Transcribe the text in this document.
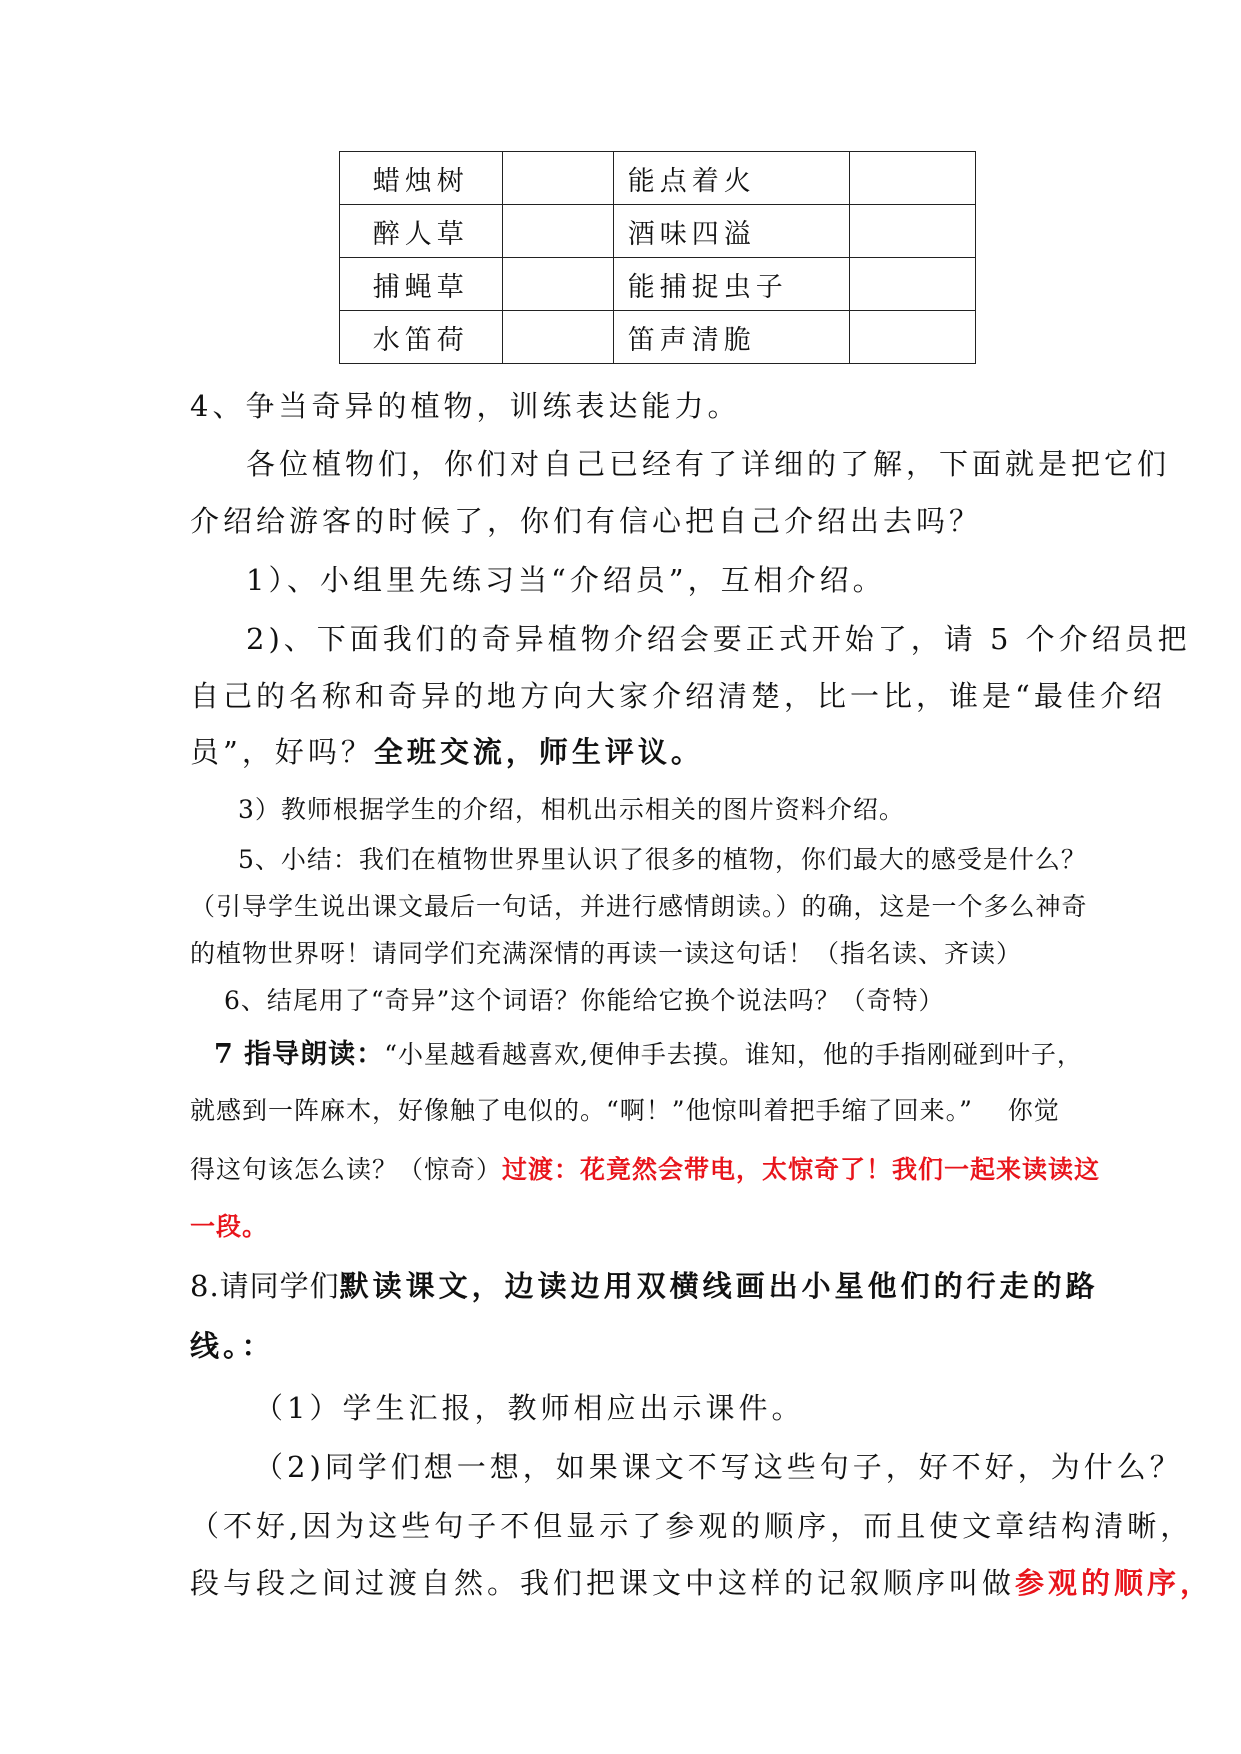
蜡烛树		能点着火	
醉人草		酒味四溢	
捕蝇草		能捕捉虫子	
水笛荷		笛声清脆	
4、争当奇异的植物，训练表达能力。
各位植物们，你们对自己已经有了详细的了解，下面就是把它们
介绍给游客的时候了，你们有信心把自己介绍出去吗？
1）、小组里先练习当“介绍员”，互相介绍。
2)、下面我们的奇异植物介绍会要正式开始了，请 5 个介绍员把
自己的名称和奇异的地方向大家介绍清楚，比一比，谁是“最佳介绍
员”，好吗？全班交流，师生评议。
3）教师根据学生的介绍，相机出示相关的图片资料介绍。
5、小结：我们在植物世界里认识了很多的植物，你们最大的感受是什么？
（引导学生说出课文最后一句话，并进行感情朗读。）的确，这是一个多么神奇
的植物世界呀！请同学们充满深情的再读一读这句话！（指名读、齐读）
6、结尾用了“奇异”这个词语？你能给它换个说法吗？（奇特）
7 指导朗读：“小星越看越喜欢,便伸手去摸。谁知，他的手指刚碰到叶子，
就感到一阵麻木，好像触了电似的。“啊！”他惊叫着把手缩了回来。”　 你觉
得这句该怎么读？（惊奇）过渡：花竟然会带电，太惊奇了！我们一起来读读这
一段。
8.请同学们默读课文，边读边用双横线画出小星他们的行走的路
线。：
（1）学生汇报，教师相应出示课件。
（2)同学们想一想，如果课文不写这些句子，好不好，为什么？
（不好,因为这些句子不但显示了参观的顺序，而且使文章结构清晰，
段与段之间过渡自然。我们把课文中这样的记叙顺序叫做参观的顺序，
